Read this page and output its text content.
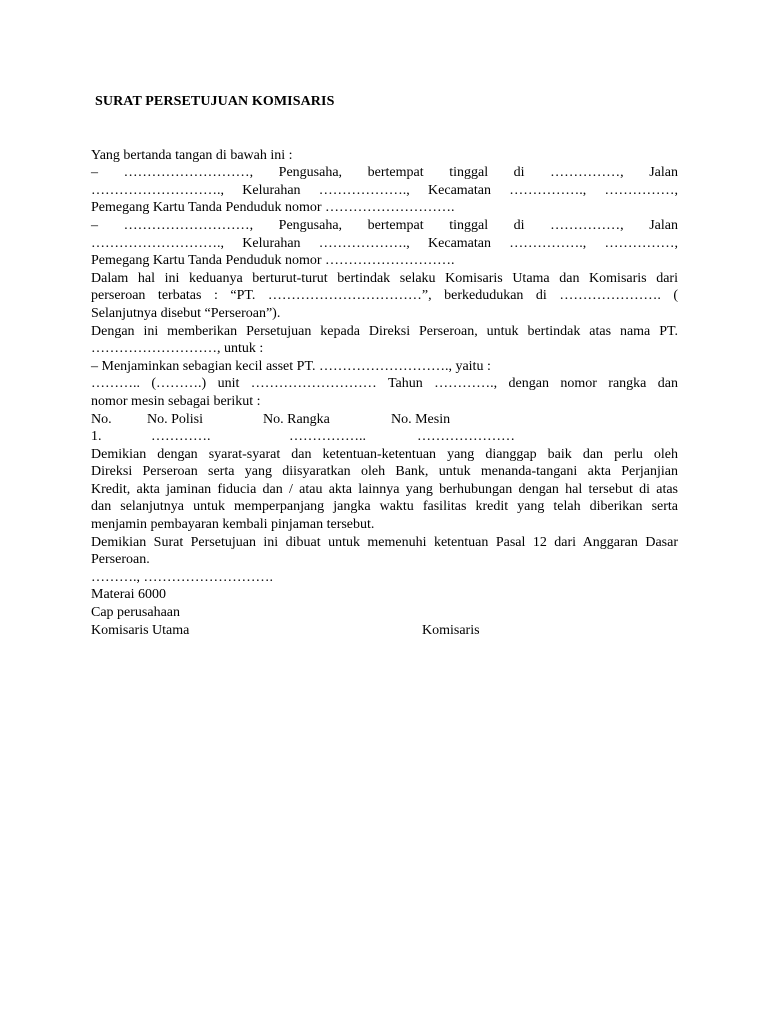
SURAT PERSETUJUAN KOMISARIS

Yang bertanda tangan di bawah ini :

– ………………………, Pengusaha, bertempat tinggal di ……………, Jalan

………………………., Kelurahan ………………., Kecamatan ……………., ……………,

Pemegang Kartu Tanda Penduduk nomor ……………………….

– ………………………, Pengusaha, bertempat tinggal di ……………, Jalan

………………………., Kelurahan ………………., Kecamatan ……………., ……………,

Pemegang Kartu Tanda Penduduk nomor ……………………….

Dalam hal ini keduanya berturut-turut bertindak selaku Komisaris Utama dan Komisaris dari

perseroan terbatas : “PT. ……………………………”, berkedudukan di …………………. (

Selanjutnya disebut “Perseroan”).

Dengan ini memberikan Persetujuan kepada Direksi Perseroan, untuk bertindak atas nama PT.

………………………, untuk :

– Menjaminkan sebagian kecil asset PT. ………………………., yaitu :

……….. (……….) unit ……………………… Tahun …………., dengan nomor rangka dan

nomor mesin sebagai berikut :

No.	No. Polisi	No. Rangka	No. Mesin
1.	………….	……………..	…………………

Demikian dengan syarat-syarat dan ketentuan-ketentuan yang dianggap baik dan perlu oleh

Direksi Perseroan serta yang diisyaratkan oleh Bank, untuk menanda-tangani akta Perjanjian

Kredit, akta jaminan fiducia dan / atau akta lainnya yang berhubungan dengan hal tersebut di atas

dan selanjutnya untuk memperpanjang jangka waktu fasilitas kredit yang telah diberikan serta

menjamin pembayaran kembali pinjaman tersebut.

Demikian Surat Persetujuan ini dibuat untuk memenuhi ketentuan Pasal 12 dari Anggaran Dasar

Perseroan.

………., ……………………….

Materai 6000

Cap perusahaan

Komisaris Utama	Komisaris
